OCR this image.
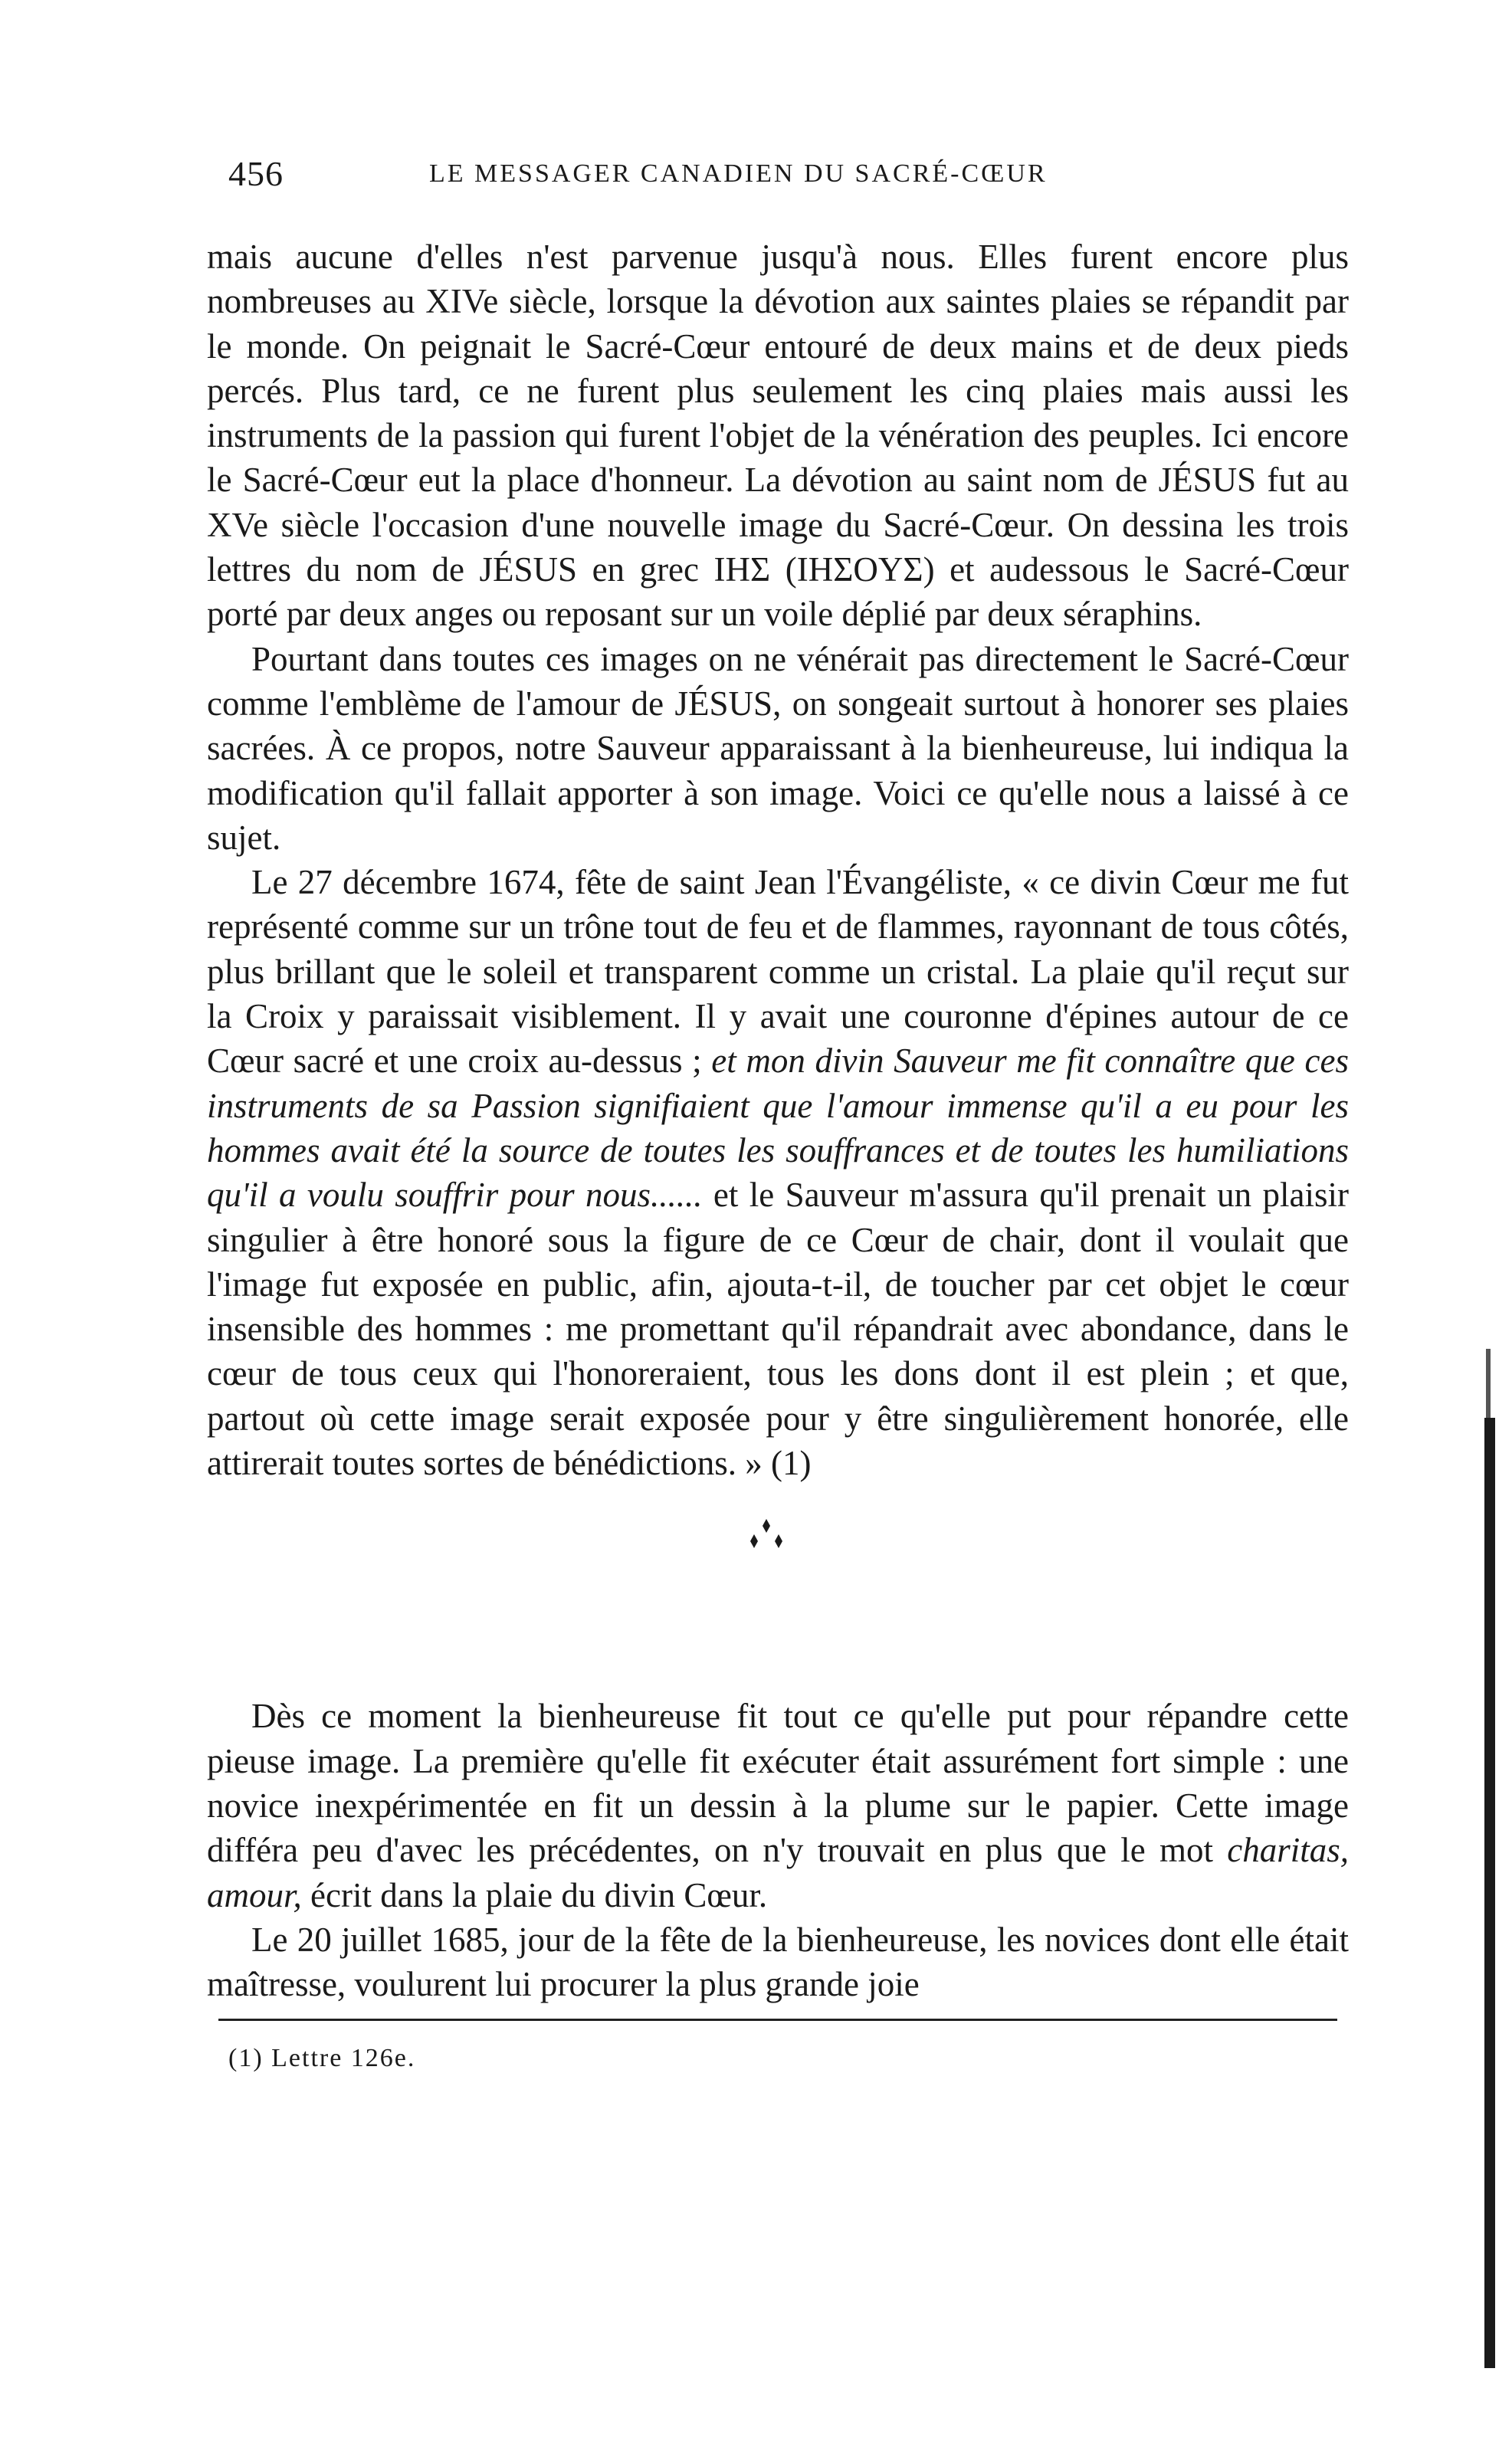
456	LE MESSAGER CANADIEN DU SACRÉ-CŒUR

mais aucune d'elles n'est parvenue jusqu'à nous. Elles furent encore plus nombreuses au XIVe siècle, lorsque la dévotion aux saintes plaies se répandit par le monde. On peignait le Sacré-Cœur entouré de deux mains et de deux pieds percés. Plus tard, ce ne furent plus seulement les cinq plaies mais aussi les instruments de la passion qui furent l'objet de la vénération des peuples. Ici encore le Sacré-Cœur eut la place d'honneur. La dévotion au saint nom de JÉSUS fut au XVe siècle l'occasion d'une nouvelle image du Sacré-Cœur. On dessina les trois lettres du nom de JÉSUS en grec IHΣ (IHΣOYΣ) et audessous le Sacré-Cœur porté par deux anges ou reposant sur un voile déplié par deux séraphins.

Pourtant dans toutes ces images on ne vénérait pas directement le Sacré-Cœur comme l'emblème de l'amour de JÉSUS, on songeait surtout à honorer ses plaies sacrées. À ce propos, notre Sauveur apparaissant à la bienheureuse, lui indiqua la modification qu'il fallait apporter à son image. Voici ce qu'elle nous a laissé à ce sujet.

Le 27 décembre 1674, fête de saint Jean l'Évangéliste, « ce divin Cœur me fut représenté comme sur un trône tout de feu et de flammes, rayonnant de tous côtés, plus brillant que le soleil et transparent comme un cristal. La plaie qu'il reçut sur la Croix y paraissait visiblement. Il y avait une couronne d'épines autour de ce Cœur sacré et une croix au-dessus ; et mon divin Sauveur me fit connaître que ces instruments de sa Passion signifiaient que l'amour immense qu'il a eu pour les hommes avait été la source de toutes les souffrances et de toutes les humiliations qu'il a voulu souffrir pour nous...... et le Sauveur m'assura qu'il prenait un plaisir singulier à être honoré sous la figure de ce Cœur de chair, dont il voulait que l'image fut exposée en public, afin, ajouta-t-il, de toucher par cet objet le cœur insensible des hommes : me promettant qu'il répandrait avec abondance, dans le cœur de tous ceux qui l'honoreraient, tous les dons dont il est plein ; et que, partout où cette image serait exposée pour y être singulièrement honorée, elle attirerait toutes sortes de bénédictions. » (1)

Dès ce moment la bienheureuse fit tout ce qu'elle put pour répandre cette pieuse image. La première qu'elle fit exécuter était assurément fort simple : une novice inexpérimentée en fit un dessin à la plume sur le papier. Cette image différa peu d'avec les précédentes, on n'y trouvait en plus que le mot charitas, amour, écrit dans la plaie du divin Cœur.

Le 20 juillet 1685, jour de la fête de la bienheureuse, les novices dont elle était maîtresse, voulurent lui procurer la plus grande joie

(1) Lettre 126e.
